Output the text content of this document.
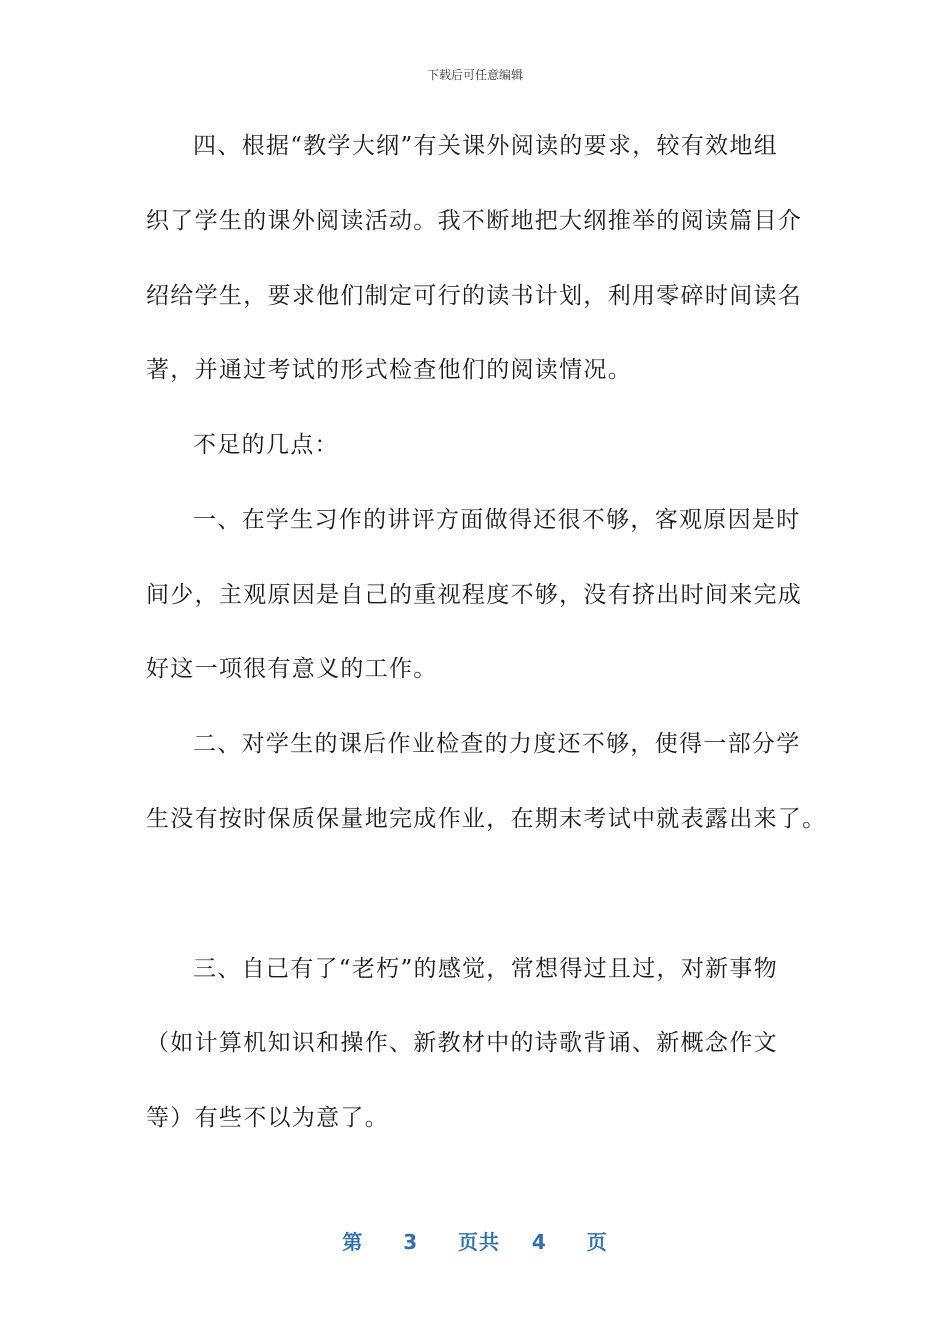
下载后可任意编辑
四、根据“教学大纲”有关课外阅读的要求，较有效地组
织了学生的课外阅读活动。我不断地把大纲推举的阅读篇目介
绍给学生，要求他们制定可行的读书计划，利用零碎时间读名
著，并通过考试的形式检查他们的阅读情况。
不足的几点：
一、在学生习作的讲评方面做得还很不够，客观原因是时
间少，主观原因是自己的重视程度不够，没有挤出时间来完成
好这一项很有意义的工作。
二、对学生的课后作业检查的力度还不够，使得一部分学
生没有按时保质保量地完成作业，在期末考试中就表露出来了。
三、自己有了“老朽”的感觉，常想得过且过，对新事物
（如计算机知识和操作、新教材中的诗歌背诵、新概念作文
等）有些不以为意了。
第 3 页共 4 页
